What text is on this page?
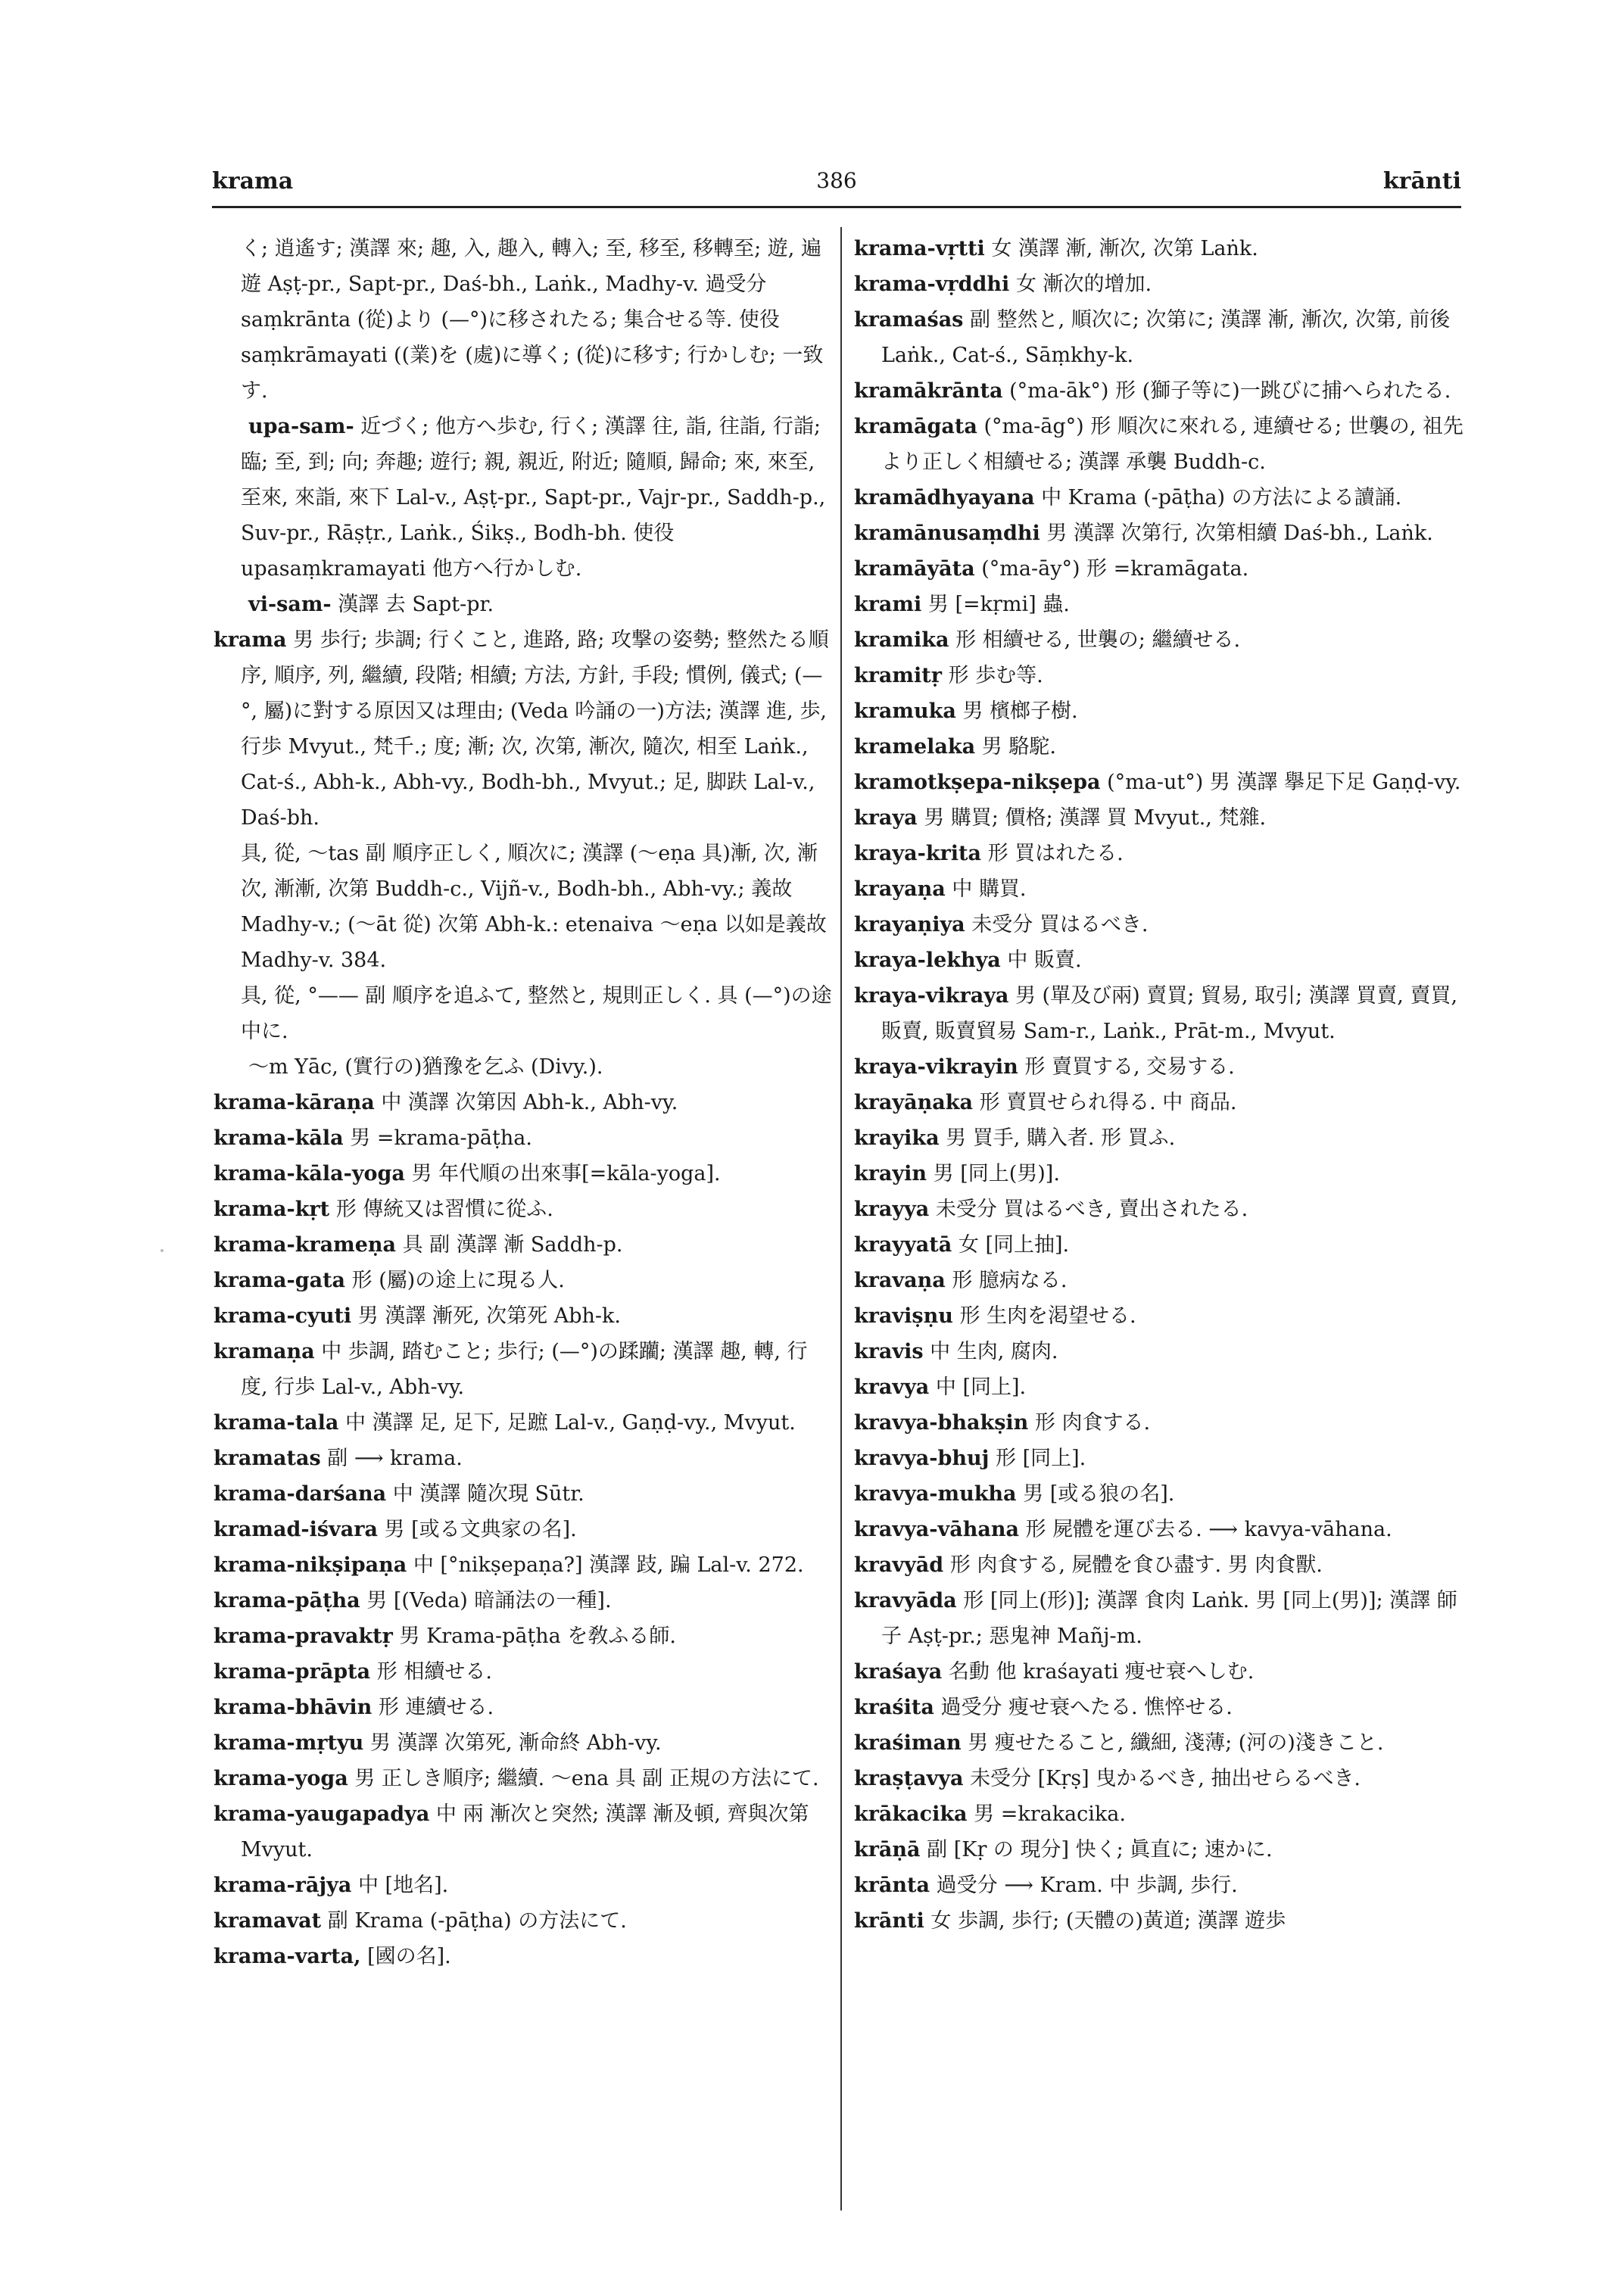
krama	386	krānti
く; 逍遙す; 漢譯 來; 趣, 入, 趣入, 轉入; 至, 移至, 移轉至; 遊, 遍遊 Aṣṭ-pr., Sapt-pr., Daś-bh., Laṅk., Madhy-v. 過受分 saṃkrānta (從)より (—°)に移されたる; 集合せる等. 使役 saṃkrāmayati ((業)を (處)に導く; (從)に移す; 行かしむ; 一致す.
upa-sam- 近づく; 他方へ歩む, 行く; 漢譯 往, 詣, 往詣, 行詣; 臨; 至, 到; 向; 奔趣; 遊行; 親, 親近, 附近; 隨順, 歸命; 來, 來至, 至來, 來詣, 來下 Lal-v., Aṣṭ-pr., Sapt-pr., Vajr-pr., Saddh-p., Suv-pr., Rāṣṭr., Laṅk., Śikṣ., Bodh-bh. 使役 upasaṃkramayati 他方へ行かしむ.
vi-sam- 漢譯 去 Sapt-pr.
krama 男 歩行; 歩調; 行くこと, 進路, 路; 攻撃の姿勢; 整然たる順序, 順序, 列, 繼續, 段階; 相續; 方法, 方針, 手段; 慣例, 儀式; (—°, 屬)に對する原因又は理由; (Veda 吟誦の一)方法; 漢譯 進, 歩, 行歩 Mvyut., 梵千.; 度; 漸; 次, 次第, 漸次, 隨次, 相至 Laṅk., Cat-ś., Abh-k., Abh-vy., Bodh-bh., Mvyut.; 足, 脚趺 Lal-v., Daś-bh.
具, 從, 〜tas 副 順序正しく, 順次に; 漢譯 (〜eṇa 具)漸, 次, 漸次, 漸漸, 次第 Buddh-c., Vijñ-v., Bodh-bh., Abh-vy.; 義故 Madhy-v.; (〜āt 從) 次第 Abh-k.: etenaiva 〜eṇa 以如是義故 Madhy-v. 384.
具, 從, °—— 副 順序を追ふて, 整然と, 規則正しく. 具 (—°)の途中に.
〜m Yāc, (實行の)猶豫を乞ふ (Divy.).
krama-kāraṇa 中 漢譯 次第因 Abh-k., Abh-vy.
krama-kāla 男 =krama-pāṭha.
krama-kāla-yoga 男 年代順の出來事[=kāla-yoga].
krama-kṛt 形 傳統又は習慣に從ふ.
krama-krameṇa 具 副 漢譯 漸 Saddh-p.
krama-gata 形 (屬)の途上に現る人.
krama-cyuti 男 漢譯 漸死, 次第死 Abh-k.
kramaṇa 中 歩調, 踏むこと; 歩行; (—°)の蹂躪; 漢譯 趣, 轉, 行度, 行歩 Lal-v., Abh-vy.
krama-tala 中 漢譯 足, 足下, 足蹠 Lal-v., Gaṇḍ-vy., Mvyut.
kramatas 副 ⟶ krama.
krama-darśana 中 漢譯 隨次現 Sūtr.
kramad-iśvara 男 [或る文典家の名].
krama-nikṣipaṇa 中 [°nikṣepaṇa?] 漢譯 跂, 蹁 Lal-v. 272.
krama-pāṭha 男 [(Veda) 暗誦法の一種].
krama-pravaktṛ 男 Krama-pāṭha を敎ふる師.
krama-prāpta 形 相續せる.
krama-bhāvin 形 連續せる.
krama-mṛtyu 男 漢譯 次第死, 漸命終 Abh-vy.
krama-yoga 男 正しき順序; 繼續. 〜ena 具 副 正規の方法にて.
krama-yaugapadya 中 兩 漸次と突然; 漢譯 漸及頓, 齊與次第 Mvyut.
krama-rājya 中 [地名].
kramavat 副 Krama (-pāṭha) の方法にて.
krama-varta, [國の名].
krama-vṛtti 女 漢譯 漸, 漸次, 次第 Laṅk.
krama-vṛddhi 女 漸次的增加.
kramaśas 副 整然と, 順次に; 次第に; 漢譯 漸, 漸次, 次第, 前後 Laṅk., Cat-ś., Sāṃkhy-k.
kramākrānta (°ma-āk°) 形 (獅子等に)一跳びに捕へられたる.
kramāgata (°ma-āg°) 形 順次に來れる, 連續せる; 世襲の, 祖先より正しく相續せる; 漢譯 承襲 Buddh-c.
kramādhyayana 中 Krama (-pāṭha) の方法による讀誦.
kramānusaṃdhi 男 漢譯 次第行, 次第相續 Daś-bh., Laṅk.
kramāyāta (°ma-āy°) 形 =kramāgata.
krami 男 [=kṛmi] 蟲.
kramika 形 相續せる, 世襲の; 繼續せる.
kramitṛ 形 歩む等.
kramuka 男 檳榔子樹.
kramelaka 男 駱駝.
kramotkṣepa-nikṣepa (°ma-ut°) 男 漢譯 擧足下足 Gaṇḍ-vy.
kraya 男 購買; 價格; 漢譯 買 Mvyut., 梵雜.
kraya-krita 形 買はれたる.
krayaṇa 中 購買.
krayaṇiya 未受分 買はるべき.
kraya-lekhya 中 販賣.
kraya-vikraya 男 (單及び兩) 賣買; 貿易, 取引; 漢譯 買賣, 賣買, 販賣, 販賣貿易 Sam-r., Laṅk., Prāt-m., Mvyut.
kraya-vikrayin 形 賣買する, 交易する.
krayāṇaka 形 賣買せられ得る. 中 商品.
krayika 男 買手, 購入者. 形 買ふ.
krayin 男 [同上(男)].
krayya 未受分 買はるべき, 賣出されたる.
krayyatā 女 [同上抽].
kravaṇa 形 臆病なる.
kraviṣṇu 形 生肉を渇望せる.
kravis 中 生肉, 腐肉.
kravya 中 [同上].
kravya-bhakṣin 形 肉食する.
kravya-bhuj 形 [同上].
kravya-mukha 男 [或る狼の名].
kravya-vāhana 形 屍體を運び去る. ⟶ kavya-vāhana.
kravyād 形 肉食する, 屍體を食ひ盡す. 男 肉食獸.
kravyāda 形 [同上(形)]; 漢譯 食肉 Laṅk. 男 [同上(男)]; 漢譯 師子 Aṣṭ-pr.; 惡鬼神 Mañj-m.
kraśaya 名動 他 kraśayati 痩せ衰へしむ.
kraśita 過受分 痩せ衰へたる. 憔悴せる.
kraśiman 男 痩せたること, 纖細, 淺薄; (河の)淺きこと.
kraṣṭavya 未受分 [Kṛṣ] 曳かるべき, 抽出せらるべき.
krākacika 男 =krakacika.
krāṇā 副 [Kṛ の 現分] 快く; 眞直に; 速かに.
krānta 過受分 ⟶ Kram. 中 歩調, 歩行.
krānti 女 歩調, 歩行; (天體の)黃道; 漢譯 遊歩
